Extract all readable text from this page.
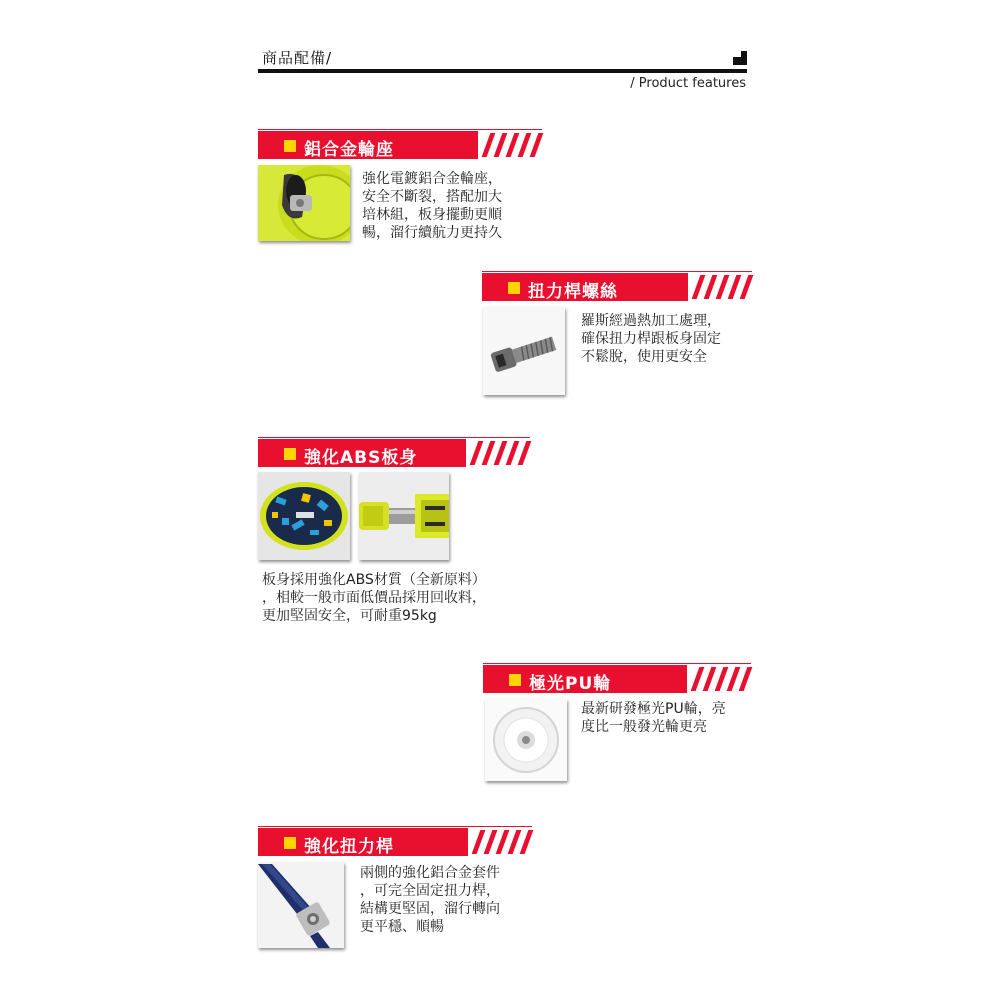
商品配備/
/ Product features
鋁合金輪座
強化電鍍鋁合金輪座，
安全不斷裂，搭配加大
培林組，板身擺動更順
暢，溜行續航力更持久
扭力桿螺絲
羅斯經過熱加工處理，
確保扭力桿跟板身固定
不鬆脫，使用更安全
強化ABS板身
板身採用強化ABS材質（全新原料）
，相較一般市面低價品採用回收料，
更加堅固安全，可耐重95kg
極光PU輪
最新研發極光PU輪，亮
度比一般發光輪更亮
強化扭力桿
兩側的強化鋁合金套件
，可完全固定扭力桿，
結構更堅固，溜行轉向
更平穩、順暢
